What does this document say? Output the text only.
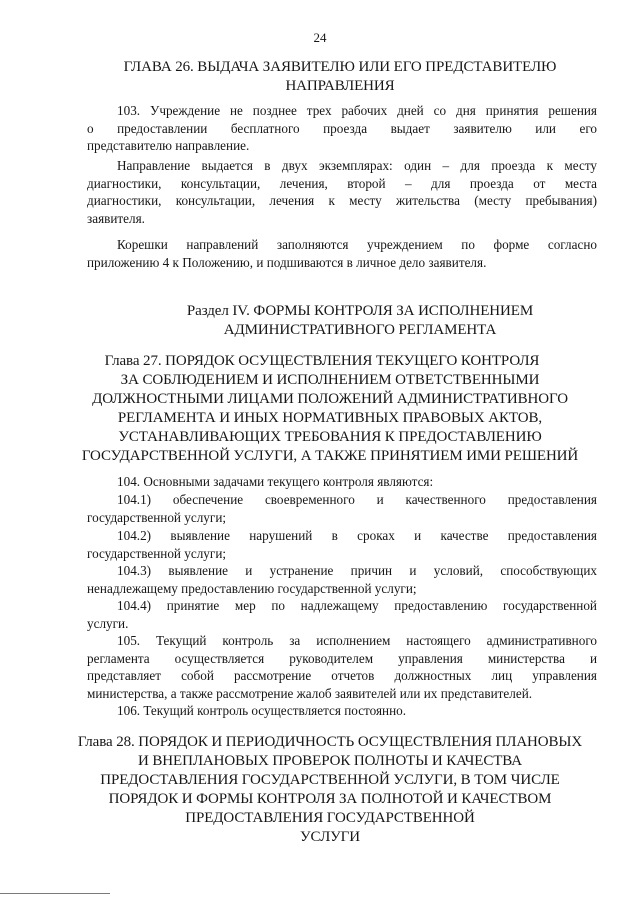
24
ГЛАВА 26. ВЫДАЧА ЗАЯВИТЕЛЮ ИЛИ ЕГО ПРЕДСТАВИТЕЛЮ
НАПРАВЛЕНИЯ
103. Учреждение не позднее трех рабочих дней со дня принятия решения
о предоставлении бесплатного проезда выдает заявителю или его
представителю направление.
Направление выдается в двух экземплярах: один – для проезда к месту
диагностики, консультации, лечения, второй – для проезда от места
диагностики, консультации, лечения к месту жительства (месту пребывания)
заявителя.
Корешки направлений заполняются учреждением по форме согласно
приложению 4 к Положению, и подшиваются в личное дело заявителя.
Раздел IV. ФОРМЫ КОНТРОЛЯ ЗА ИСПОЛНЕНИЕМ
АДМИНИСТРАТИВНОГО РЕГЛАМЕНТА
Глава 27. ПОРЯДОК ОСУЩЕСТВЛЕНИЯ ТЕКУЩЕГО КОНТРОЛЯ
ЗА СОБЛЮДЕНИЕМ И ИСПОЛНЕНИЕМ ОТВЕТСТВЕННЫМИ
ДОЛЖНОСТНЫМИ ЛИЦАМИ ПОЛОЖЕНИЙ АДМИНИСТРАТИВНОГО
РЕГЛАМЕНТА И ИНЫХ НОРМАТИВНЫХ ПРАВОВЫХ АКТОВ,
УСТАНАВЛИВАЮЩИХ ТРЕБОВАНИЯ К ПРЕДОСТАВЛЕНИЮ
ГОСУДАРСТВЕННОЙ УСЛУГИ, А ТАКЖЕ ПРИНЯТИЕМ ИМИ РЕШЕНИЙ
104. Основными задачами текущего контроля являются:
104.1) обеспечение своевременного и качественного предоставления
государственной услуги;
104.2) выявление нарушений в сроках и качестве предоставления
государственной услуги;
104.3) выявление и устранение причин и условий, способствующих
ненадлежащему предоставлению государственной услуги;
104.4) принятие мер по надлежащему предоставлению государственной
услуги.
105. Текущий контроль за исполнением настоящего административного
регламента осуществляется руководителем управления министерства и
представляет собой рассмотрение отчетов должностных лиц управления
министерства, а также рассмотрение жалоб заявителей или их представителей.
106. Текущий контроль осуществляется постоянно.
Глава 28. ПОРЯДОК И ПЕРИОДИЧНОСТЬ ОСУЩЕСТВЛЕНИЯ ПЛАНОВЫХ
И ВНЕПЛАНОВЫХ ПРОВЕРОК ПОЛНОТЫ И КАЧЕСТВА
ПРЕДОСТАВЛЕНИЯ ГОСУДАРСТВЕННОЙ УСЛУГИ, В ТОМ ЧИСЛЕ
ПОРЯДОК И ФОРМЫ КОНТРОЛЯ ЗА ПОЛНОТОЙ И КАЧЕСТВОМ
ПРЕДОСТАВЛЕНИЯ ГОСУДАРСТВЕННОЙ
УСЛУГИ
